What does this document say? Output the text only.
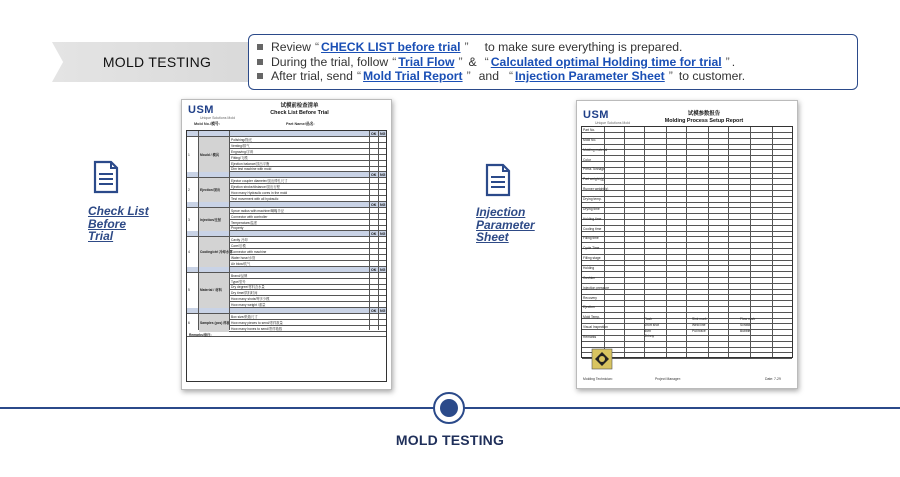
MOLD TESTING
Review “ CHECK LIST before trial ” to make sure everything is prepared.
During the trial, follow “ Trial Flow ” & “ Calculated optimal Holding time for trial ” .
After trial, send “ Mold Trial Report ” and “ Injection Parameter Sheet ” to customer.
USM
Unique Solutions Mold
试模前检查清单
Check List Before Trial
Mold No./模号:	Part Name/品名:
OK NG
1	Mould / 模具
Polishing/抛光
Venting/排气
Engraving/字码
Fitting/飞模
Ejection balance/顶出平衡
Dim test machine with mold
OK NG
2	Ejection/顶出
Ejector coupler diameter/顶出棒孔尺寸
Ejection stroke/distance/顶出行程
How many Hydraulic cores in the mold
Test movement with all hydraulic
OK NG
3	Injection/注射
Sprue radius with machine/唧嘴半径
Connector with controller
Temperature/温度
Property
OK NG
4	Cooling/ctrl 冷却水路
Cavity 冷却
Core/后模
Connector with machine
Water hose/水管
Air blow/吹气
OK NG
5	Material / 材料
Brand/品牌
Type/型号
Dry degree/材料含水量
Dry time/烘料时间
How many shots/啤多少模
How many weight /重量
OK NG
6	Samples (pcs) 样板
Box size/纸箱尺寸
How many pieces to send/寄样数量
How many boxes to send/寄样箱数
Remarks/备注:
USM
Unique Solutions Mold
试模参数报告
Molding Process Setup Report
Part No.
Mold No.
Molding material
Color
Press Tonnage
Part weight (g)
Runner weight(g)
Drying temp.
Drying time
Holding time
Cooling time
Filling time
Cycle Time
Filling stage
Holding
Cushion
Injection pressure
Recovery
Ejection
Mold Temp.
Visual Inspection
Remarks
Flash	Sink mark	Flow mark
Short shot	Weld line	Scratch
Burn	Pull trace	Bubble
Shinny
Molding Technician:	Project Manager:	Date: 7-29
Check List
Before
Trial
Injection
Parameter
Sheet
MOLD TESTING
